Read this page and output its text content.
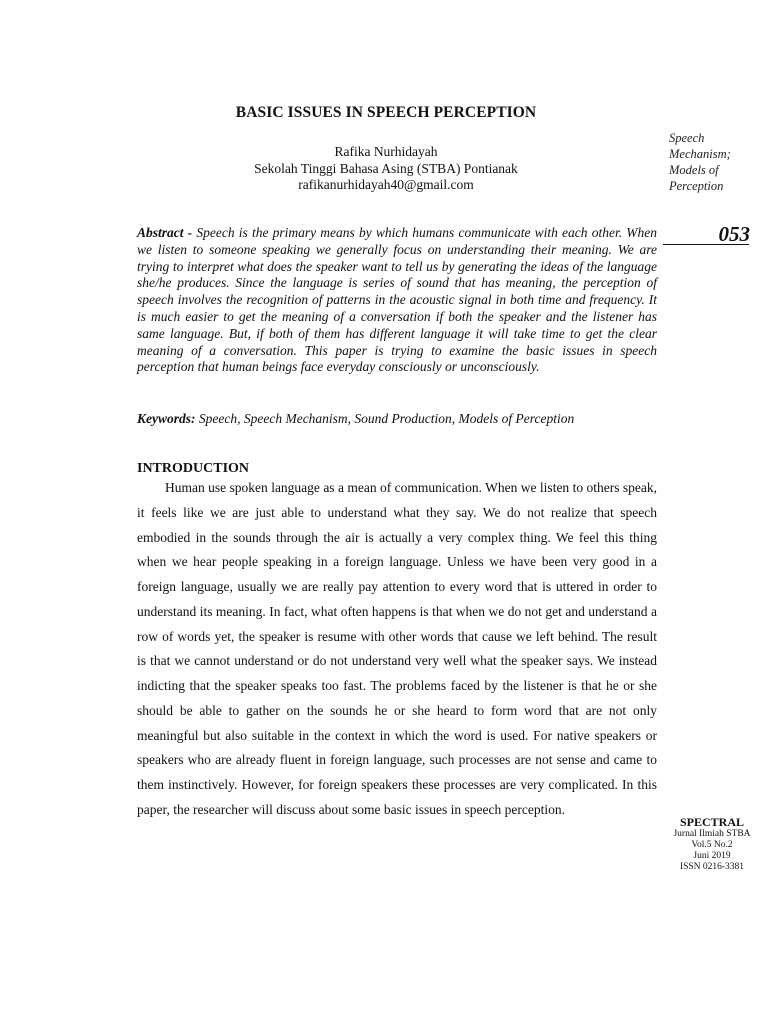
BASIC ISSUES IN SPEECH PERCEPTION
Rafika Nurhidayah
Sekolah Tinggi Bahasa Asing (STBA) Pontianak
rafikanurhidayah40@gmail.com
Abstract - Speech is the primary means by which humans communicate with each other. When we listen to someone speaking we generally focus on understanding their meaning. We are trying to interpret what does the speaker want to tell us by generating the ideas of the language she/he produces. Since the language is series of sound that has meaning, the perception of speech involves the recognition of patterns in the acoustic signal in both time and frequency. It is much easier to get the meaning of a conversation if both the speaker and the listener has same language. But, if both of them has different language it will take time to get the clear meaning of a conversation. This paper is trying to examine the basic issues in speech perception that human beings face everyday consciously or unconsciously.
Keywords: Speech, Speech Mechanism, Sound Production, Models of Perception
INTRODUCTION
Human use spoken language as a mean of communication. When we listen to others speak, it feels like we are just able to understand what they say. We do not realize that speech embodied in the sounds through the air is actually a very complex thing. We feel this thing when we hear people speaking in a foreign language. Unless we have been very good in a foreign language, usually we are really pay attention to every word that is uttered in order to understand its meaning. In fact, what often happens is that when we do not get and understand a row of words yet, the speaker is resume with other words that cause we left behind. The result is that we cannot understand or do not understand very well what the speaker says. We instead indicting that the speaker speaks too fast. The problems faced by the listener is that he or she should be able to gather on the sounds he or she heard to form word that are not only meaningful but also suitable in the context in which the word is used. For native speakers or speakers who are already fluent in foreign language, such processes are not sense and came to them instinctively. However, for foreign speakers these processes are very complicated. In this paper, the researcher will discuss about some basic issues in speech perception.
Speech
Mechanism;
Models of
Perception
053
SPECTRAL
Jurnal Ilmiah STBA
Vol.5 No.2
Juni 2019
ISSN 0216-3381
